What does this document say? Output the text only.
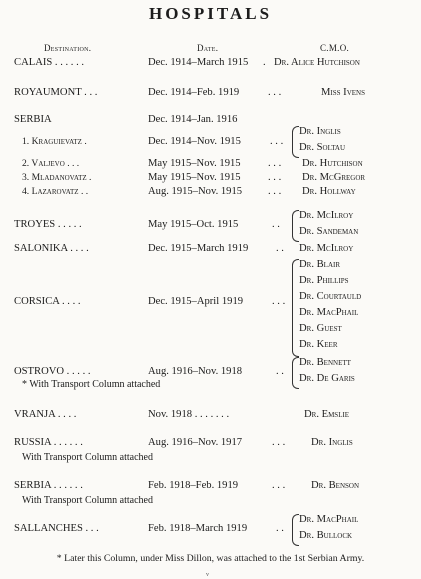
HOSPITALS
Destination.	Date.	C.M.O.
CALAIS . . . . . .	Dec. 1914–March 1915 . Dr. Alice Hutchison
ROYAUMONT . . .	Dec. 1914–Feb. 1919	. . .	Miss Ivens
SERBIA	Dec. 1914–Jan. 1916
1. Kraguievatz .	Dec. 1914–Nov. 1915	. . .
Dr. Inglis
Dr. Soltau
2. Valjevo . . .	May 1915–Nov. 1915	. . . Dr. Hutchison
3. Mladanovatz .	May 1915–Nov. 1915	. . . Dr. McGregor
4. Lazarovatz . .	Aug. 1915–Nov. 1915 . . . Dr. Hollway
TROYES . . . . .	May 1915–Oct. 1915	. .
Dr. McIlroy
Dr. Sandeman
SALONIKA . . . .	Dec. 1915–March 1919	. . Dr. McIlroy
CORSICA . . . .	Dec. 1915–April 1919	. . .
Dr. Blair
Dr. Phillips
Dr. Courtauld
Dr. MacPhail
Dr. Guest
Dr. Keer
OSTROVO . . . . .	Aug. 1916–Nov. 1918	. .
Dr. Bennett
Dr. De Garis
* With Transport Column attached
VRANJA . . . .	Nov. 1918 . . . . . . .	Dr. Emslie
RUSSIA . . . . . .	Aug. 1916–Nov. 1917	. . . Dr. Inglis
With Transport Column attached
SERBIA . . . . . .	Feb. 1918–Feb. 1919	. . . Dr. Benson
With Transport Column attached
SALLANCHES . . .	Feb. 1918–March 1919	. .
Dr. MacPhail
Dr. Bullock
* Later this Column, under Miss Dillon, was attached to the 1st Serbian Army.
v
